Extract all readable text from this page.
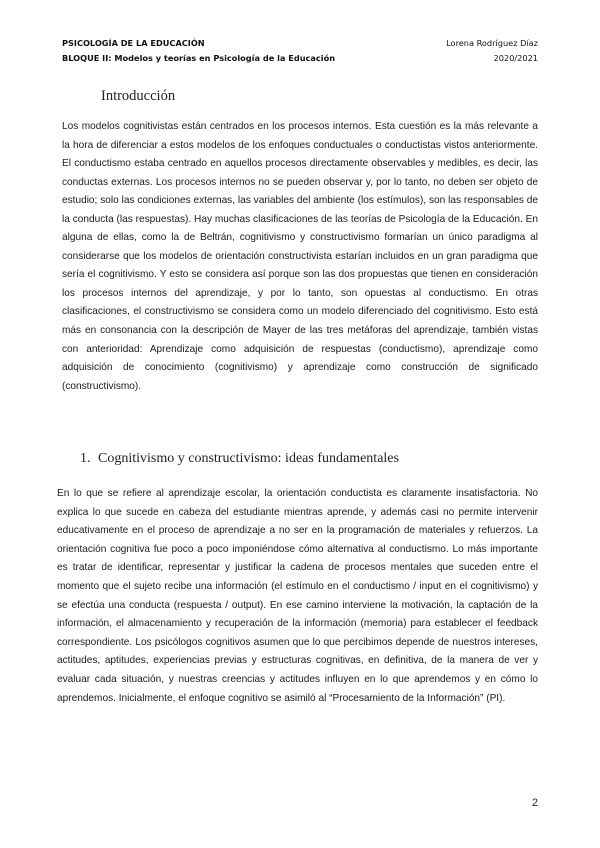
PSICOLOGÍA DE LA EDUCACIÓN	Lorena Rodríguez Díaz
BLOQUE II: Modelos y teorías en Psicología de la Educación	2020/2021
Introducción

Los modelos cognitivistas están centrados en los procesos internos. Esta cuestión es la más relevante a la hora de diferenciar a estos modelos de los enfoques conductuales o conductistas vistos anteriormente. El conductismo estaba centrado en aquellos procesos directamente observables y medibles, es decir, las conductas externas. Los procesos internos no se pueden observar y, por lo tanto, no deben ser objeto de estudio; solo las condiciones externas, las variables del ambiente (los estímulos), son las responsables de la conducta (las respuestas). Hay muchas clasificaciones de las teorías de Psicología de la Educación. En alguna de ellas, como la de Beltrán, cognitivismo y constructivismo formarían un único paradigma al considerarse que los modelos de orientación constructivista estarían incluidos en un gran paradigma que sería el cognitivismo. Y esto se considera así porque son las dos propuestas que tienen en consideración los procesos internos del aprendizaje, y por lo tanto, son opuestas al conductismo. En otras clasificaciones, el constructivismo se considera como un modelo diferenciado del cognitivismo. Esto está más en consonancia con la descripción de Mayer de las tres metáforas del aprendizaje, también vistas con anterioridad: Aprendizaje como adquisición de respuestas (conductismo), aprendizaje como adquisición de conocimiento (cognitivismo) y aprendizaje como construcción de significado (constructivismo).

1. Cognitivismo y constructivismo: ideas fundamentales

En lo que se refiere al aprendizaje escolar, la orientación conductista es claramente insatisfactoria. No explica lo que sucede en cabeza del estudiante mientras aprende, y además casi no permite intervenir educativamente en el proceso de aprendizaje a no ser en la programación de materiales y refuerzos. La orientación cognitiva fue poco a poco imponiéndose cómo alternativa al conductismo. Lo más importante es tratar de identificar, representar y justificar la cadena de procesos mentales que suceden entre el momento que el sujeto recibe una información (el estímulo en el conductismo / input en el cognitivismo) y se efectúa una conducta (respuesta / output). En ese camino interviene la motivación, la captación de la información, el almacenamiento y recuperación de la información (memoria) para establecer el feedback correspondiente. Los psicólogos cognitivos asumen que lo que percibimos depende de nuestros intereses, actitudes, aptitudes, experiencias previas y estructuras cognitivas, en definitiva, de la manera de ver y evaluar cada situación, y nuestras creencias y actitudes influyen en lo que aprendemos y en cómo lo aprendemos. Inicialmente, el enfoque cognitivo se asimiló al “Procesamiento de la Información” (PI).

2
